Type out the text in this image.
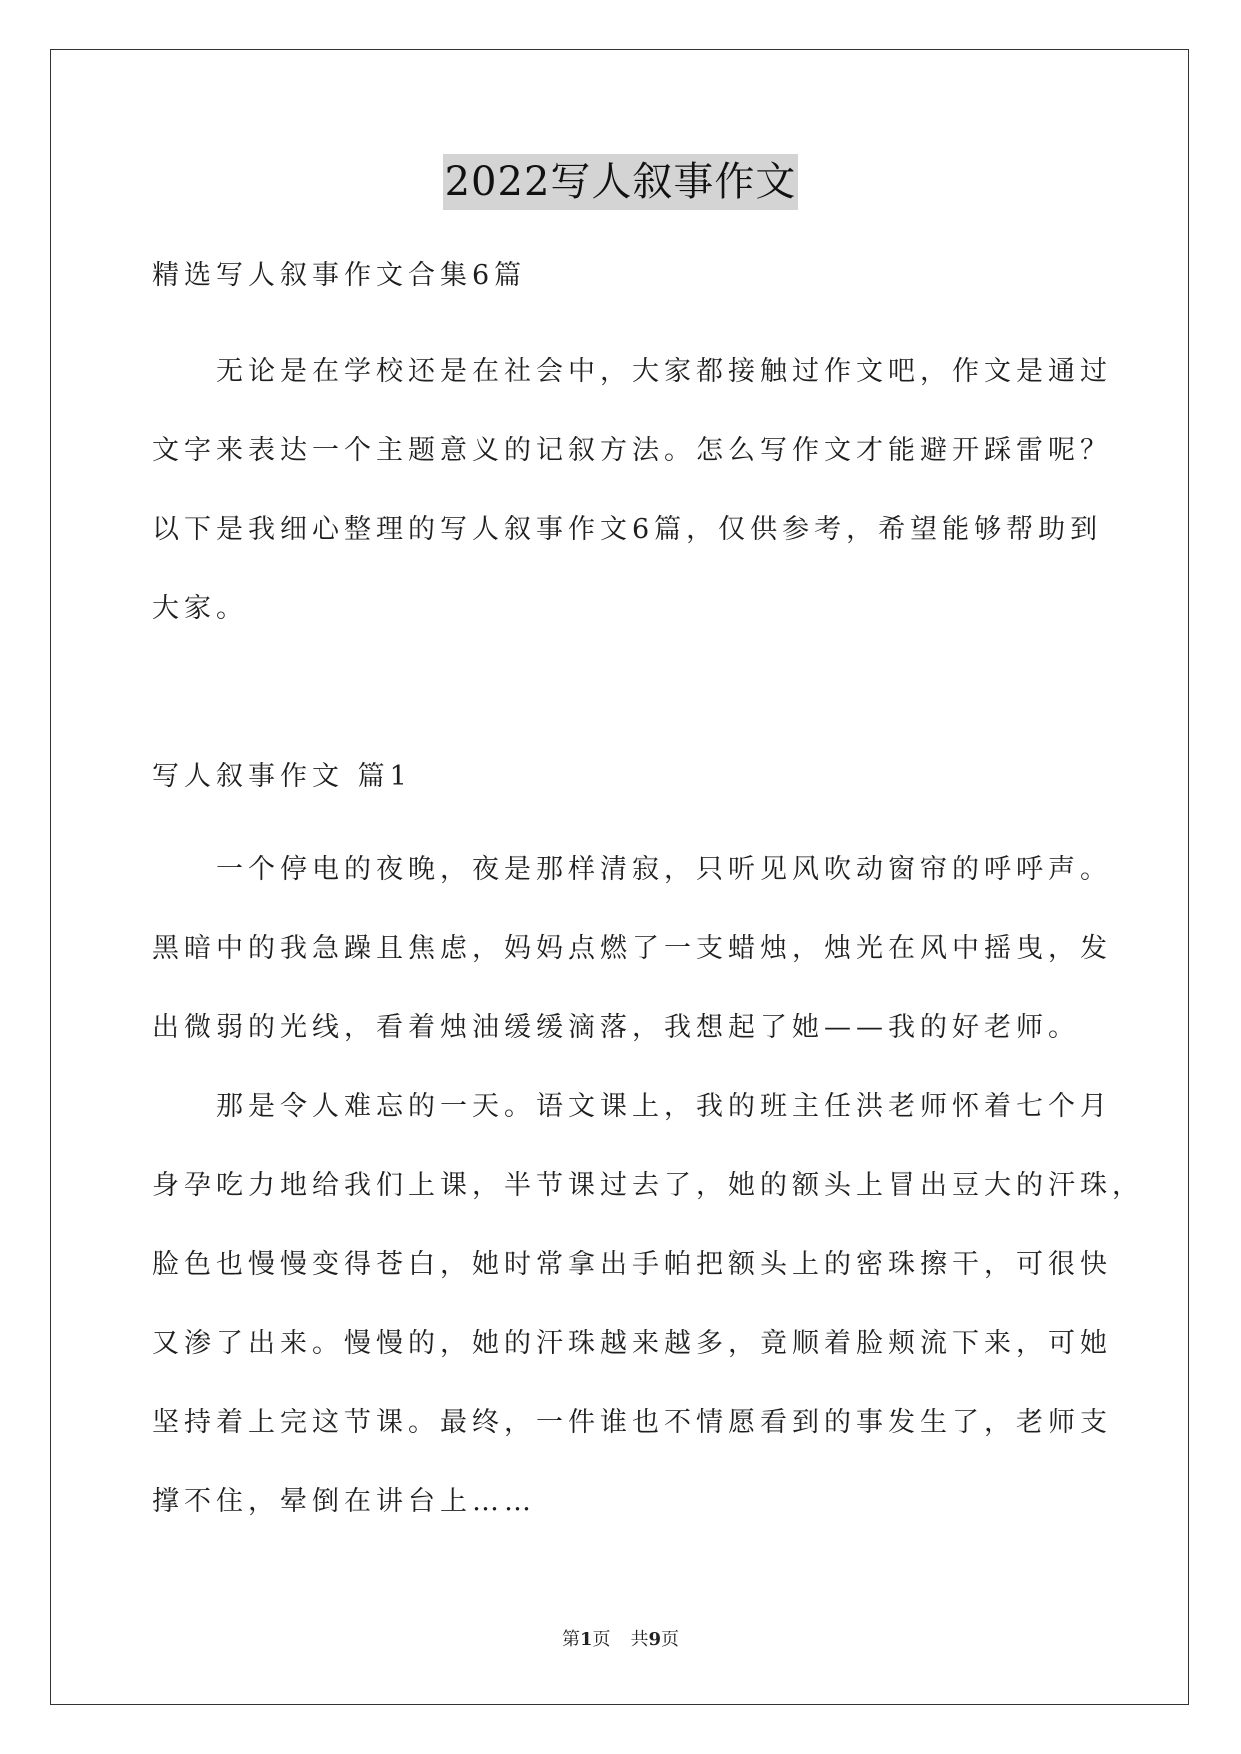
2022写人叙事作文
精选写人叙事作文合集6篇
无论是在学校还是在社会中，大家都接触过作文吧，作文是通过
文字来表达一个主题意义的记叙方法。怎么写作文才能避开踩雷呢？
以下是我细心整理的写人叙事作文6篇，仅供参考，希望能够帮助到
大家。
写人叙事作文 篇1
一个停电的夜晚，夜是那样清寂，只听见风吹动窗帘的呼呼声。
黑暗中的我急躁且焦虑，妈妈点燃了一支蜡烛，烛光在风中摇曳，发
出微弱的光线，看着烛油缓缓滴落，我想起了她——我的好老师。
那是令人难忘的一天。语文课上，我的班主任洪老师怀着七个月
身孕吃力地给我们上课，半节课过去了，她的额头上冒出豆大的汗珠，
脸色也慢慢变得苍白，她时常拿出手帕把额头上的密珠擦干，可很快
又渗了出来。慢慢的，她的汗珠越来越多，竟顺着脸颊流下来，可她
坚持着上完这节课。最终，一件谁也不情愿看到的事发生了，老师支
撑不住，晕倒在讲台上……
第1页 共9页
